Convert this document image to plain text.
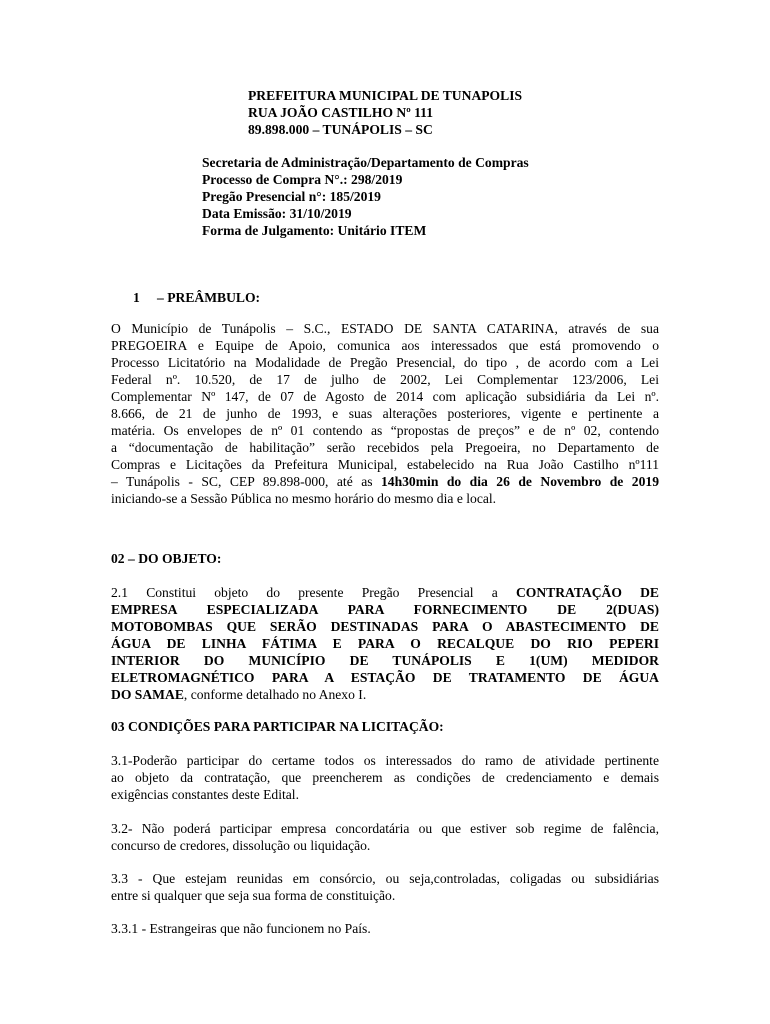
PREFEITURA MUNICIPAL DE TUNAPOLIS
RUA JOÃO CASTILHO Nº 111
89.898.000 – TUNÁPOLIS – SC
Secretaria de Administração/Departamento de Compras
Processo de Compra N°.: 298/2019
Pregão Presencial n°: 185/2019
Data Emissão: 31/10/2019
Forma de Julgamento: Unitário ITEM
1 – PREÂMBULO:
O Município de Tunápolis – S.C., ESTADO DE SANTA CATARINA, através de sua
PREGOEIRA e Equipe de Apoio, comunica aos interessados que está promovendo o
Processo Licitatório na Modalidade de Pregão Presencial, do tipo , de acordo com a Lei
Federal nº. 10.520, de 17 de julho de 2002, Lei Complementar 123/2006, Lei
Complementar Nº 147, de 07 de Agosto de 2014 com aplicação subsidiária da Lei nº.
8.666, de 21 de junho de 1993, e suas alterações posteriores, vigente e pertinente a
matéria. Os envelopes de nº 01 contendo as “propostas de preços” e de nº 02, contendo
a “documentação de habilitação” serão recebidos pela Pregoeira, no Departamento de
Compras e Licitações da Prefeitura Municipal, estabelecido na Rua João Castilho nº111
– Tunápolis - SC, CEP 89.898-000, até as 14h30min do dia 26 de Novembro de 2019
iniciando-se a Sessão Pública no mesmo horário do mesmo dia e local.
02 – DO OBJETO:
2.1 Constitui objeto do presente Pregão Presencial a CONTRATAÇÃO DE
EMPRESA ESPECIALIZADA PARA FORNECIMENTO DE 2(DUAS)
MOTOBOMBAS QUE SERÃO DESTINADAS PARA O ABASTECIMENTO DE
ÁGUA DE LINHA FÁTIMA E PARA O RECALQUE DO RIO PEPERI
INTERIOR DO MUNICÍPIO DE TUNÁPOLIS E 1(UM) MEDIDOR
ELETROMAGNÉTICO PARA A ESTAÇÃO DE TRATAMENTO DE ÁGUA
DO SAMAE, conforme detalhado no Anexo I.
03 CONDIÇÕES PARA PARTICIPAR NA LICITAÇÃO:
3.1-Poderão participar do certame todos os interessados do ramo de atividade pertinente
ao objeto da contratação, que preencherem as condições de credenciamento e demais
exigências constantes deste Edital.
3.2- Não poderá participar empresa concordatária ou que estiver sob regime de falência,
concurso de credores, dissolução ou liquidação.
3.3 - Que estejam reunidas em consórcio, ou seja,controladas, coligadas ou subsidiárias
entre si qualquer que seja sua forma de constituição.
3.3.1 - Estrangeiras que não funcionem no País.
